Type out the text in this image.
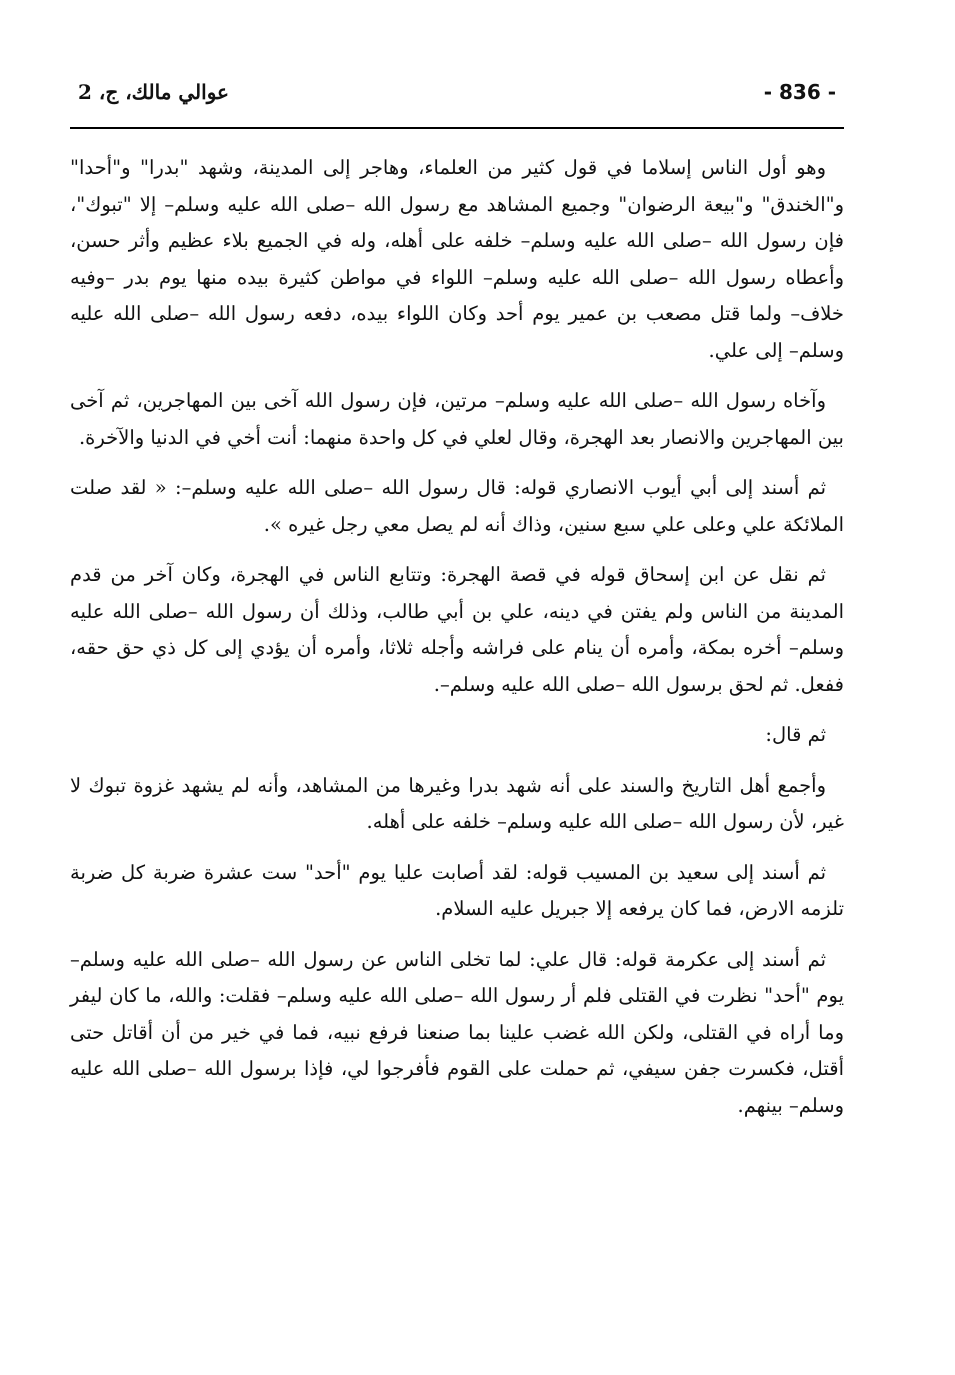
- 836 -
عوالي مالك، ج، 2

وهو أول الناس إسلاما في قول كثير من العلماء، وهاجر إلى المدينة، وشهد "بدرا" و"أحدا" و"الخندق" و"بيعة الرضوان" وجميع المشاهد مع رسول الله –صلى الله عليه وسلم– إلا "تبوك"، فإن رسول الله –صلى الله عليه وسلم– خلفه على أهله، وله في الجميع بلاء عظيم وأثر حسن، وأعطاه رسول الله –صلى الله عليه وسلم– اللواء في مواطن كثيرة بيده منها يوم بدر –وفيه خلاف– ولما قتل مصعب بن عمير يوم أحد وكان اللواء بيده، دفعه رسول الله –صلى الله عليه وسلم– إلى علي.

وآخاه رسول الله –صلى الله عليه وسلم– مرتين، فإن رسول الله آخى بين المهاجرين، ثم آخى بين المهاجرين والانصار بعد الهجرة، وقال لعلي في كل واحدة منهما: أنت أخي في الدنيا والآخرة.

ثم أسند إلى أبي أيوب الانصاري قوله: قال رسول الله –صلى الله عليه وسلم–: « لقد صلت الملائكة علي وعلى علي سبع سنين، وذاك أنه لم يصل معي رجل غيره ».

ثم نقل عن ابن إسحاق قوله في قصة الهجرة: وتتابع الناس في الهجرة، وكان آخر من قدم المدينة من الناس ولم يفتن في دينه، علي بن أبي طالب، وذلك أن رسول الله –صلى الله عليه وسلم– أخره بمكة، وأمره أن ينام على فراشه وأجله ثلاثا، وأمره أن يؤدي إلى كل ذي حق حقه، ففعل. ثم لحق برسول الله –صلى الله عليه وسلم–.

ثم قال:

وأجمع أهل التاريخ والسند على أنه شهد بدرا وغيرها من المشاهد، وأنه لم يشهد غزوة تبوك لا غير، لأن رسول الله –صلى الله عليه وسلم– خلفه على أهله.

ثم أسند إلى سعيد بن المسيب قوله: لقد أصابت عليا يوم "أحد" ست عشرة ضربة كل ضربة تلزمه الارض، فما كان يرفعه إلا جبريل عليه السلام.

ثم أسند إلى عكرمة قوله: قال علي: لما تخلى الناس عن رسول الله –صلى الله عليه وسلم– يوم "أحد" نظرت في القتلى فلم أر رسول الله –صلى الله عليه وسلم– فقلت: والله، ما كان ليفر وما أراه في القتلى، ولكن الله غضب علينا بما صنعنا فرفع نبيه، فما في خير من أن أقاتل حتى أقتل، فكسرت جفن سيفي، ثم حملت على القوم فأفرجوا لي، فإذا برسول الله –صلى الله عليه وسلم– بينهم.
